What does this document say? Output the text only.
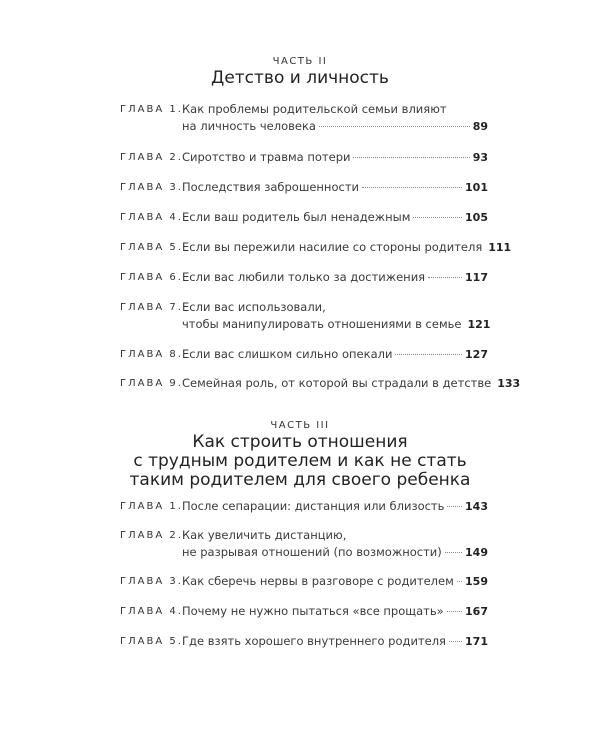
ЧАСТЬ II
Детство и личность
ГЛАВА 1. Как проблемы родительской семьи влияют
на личность человека	89
ГЛАВА 2. Сиротство и травма потери	93
ГЛАВА 3. Последствия заброшенности	101
ГЛАВА 4. Если ваш родитель был ненадежным	105
ГЛАВА 5. Если вы пережили насилие со стороны родителя 111
ГЛАВА 6. Если вас любили только за достижения	117
ГЛАВА 7. Если вас использовали,
чтобы манипулировать отношениями в семье 121
ГЛАВА 8. Если вас слишком сильно опекали	127
ГЛАВА 9. Семейная роль, от которой вы страдали в детстве 133
ЧАСТЬ III
Как строить отношения
с трудным родителем и как не стать
таким родителем для своего ребенка
ГЛАВА 1. После сепарации: дистанция или близость 143
ГЛАВА 2. Как увеличить дистанцию,
не разрывая отношений (по возможности) 149
ГЛАВА 3. Как сберечь нервы в разговоре с родителем 159
ГЛАВА 4. Почему не нужно пытаться «все прощать» 167
ГЛАВА 5. Где взять хорошего внутреннего родителя 171
